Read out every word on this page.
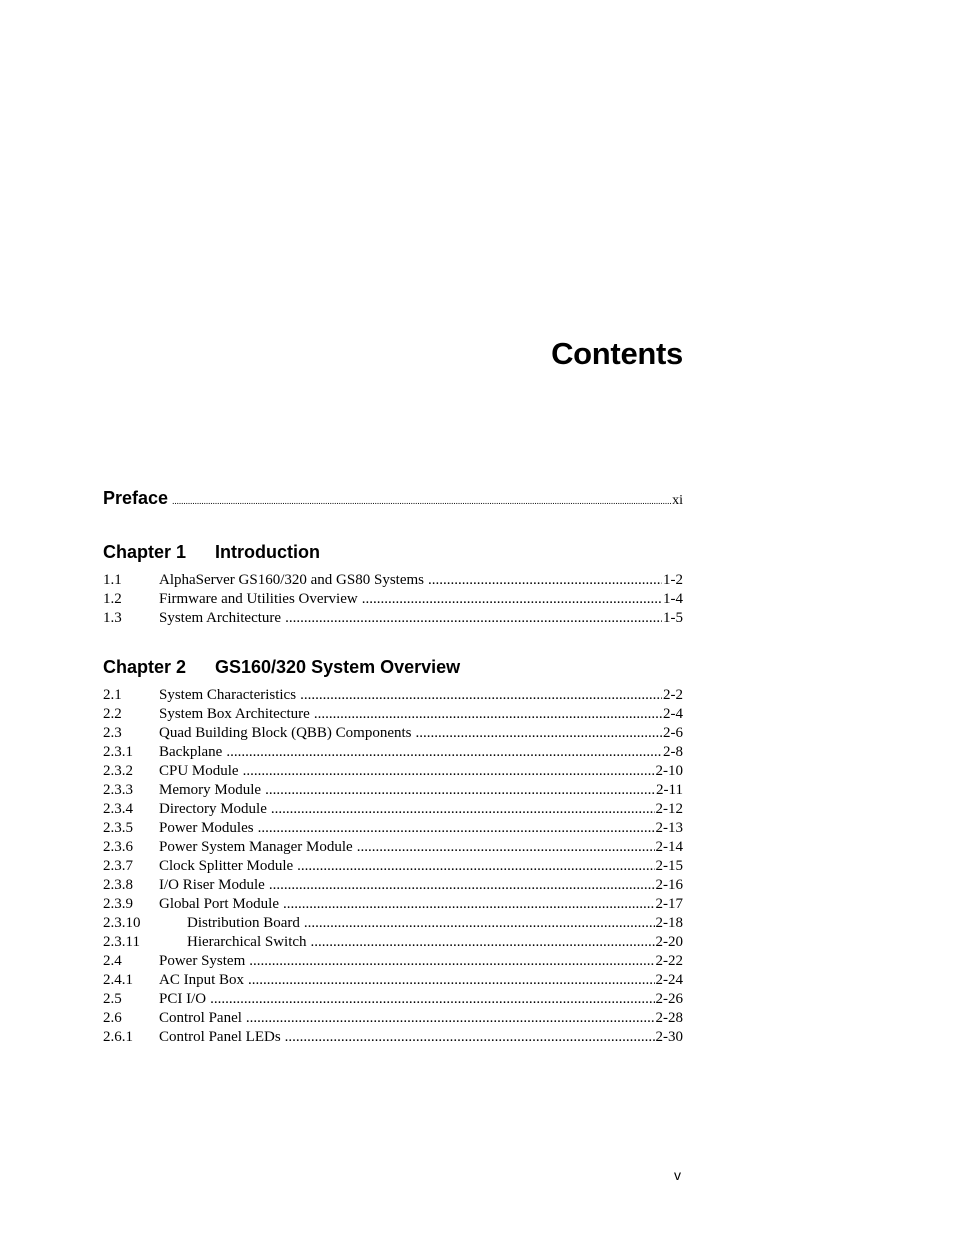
Contents
Preface .....	xi
Chapter 1	Introduction
1.1	AlphaServer GS160/320 and GS80 Systems .....	1-2
1.2	Firmware and Utilities Overview .....	1-4
1.3	System Architecture .....	1-5
Chapter 2	GS160/320 System Overview
2.1	System Characteristics .....	2-2
2.2	System Box Architecture .....	2-4
2.3	Quad Building Block (QBB) Components .....	2-6
2.3.1	Backplane .....	2-8
2.3.2	CPU Module .....	2-10
2.3.3	Memory Module .....	2-11
2.3.4	Directory Module .....	2-12
2.3.5	Power Modules .....	2-13
2.3.6	Power System Manager Module .....	2-14
2.3.7	Clock Splitter Module .....	2-15
2.3.8	I/O Riser Module .....	2-16
2.3.9	Global Port Module .....	2-17
2.3.10	Distribution Board .....	2-18
2.3.11	Hierarchical Switch .....	2-20
2.4	Power System .....	2-22
2.4.1	AC Input Box .....	2-24
2.5	PCI I/O .....	2-26
2.6	Control Panel .....	2-28
2.6.1	Control Panel LEDs .....	2-30
v
